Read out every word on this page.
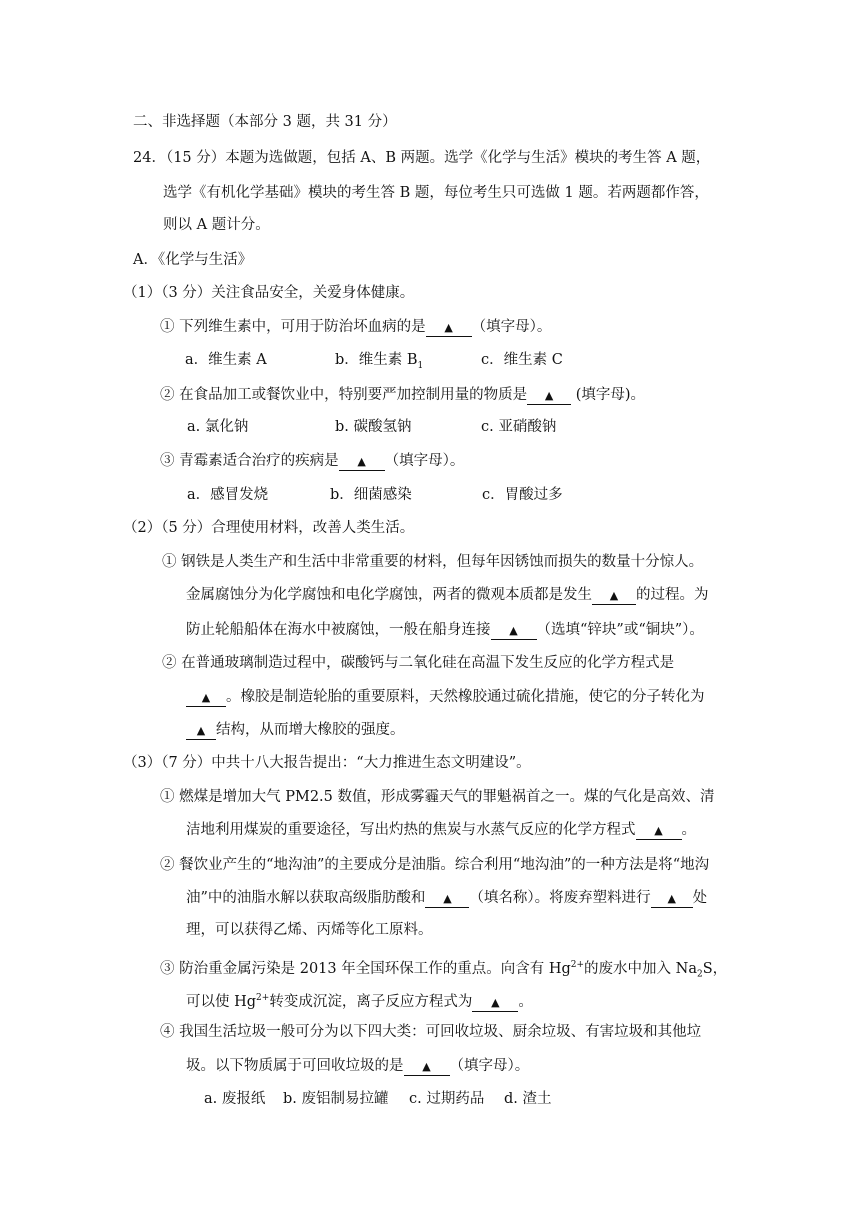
二、非选择题（本部分 3 题，共 31 分）
24．（15 分）本题为选做题，包括 A、B 两题。选学《化学与生活》模块的考生答 A 题，
选学《有机化学基础》模块的考生答 B 题，每位考生只可选做 1 题。若两题都作答，
则以 A 题计分。
A．《化学与生活》
（1）（3 分）关注食品安全，关爱身体健康。
① 下列维生素中，可用于防治坏血病的是 ▲ （填字母）。
a．维生素 A	b．维生素 $B_1$	c．维生素 C
② 在食品加工或餐饮业中，特别要严加控制用量的物质是 ▲ (填字母)。
a. 氯化钠	b. 碳酸氢钠	c. 亚硝酸钠
③ 青霉素适合治疗的疾病是 ▲ （填字母）。
a．感冒发烧	b．细菌感染	c．胃酸过多
（2）（5 分）合理使用材料，改善人类生活。
① 钢铁是人类生产和生活中非常重要的材料，但每年因锈蚀而损失的数量十分惊人。
金属腐蚀分为化学腐蚀和电化学腐蚀，两者的微观本质都是发生 ▲ 的过程。为
防止轮船船体在海水中被腐蚀，一般在船身连接 ▲ （选填“锌块”或“铜块”）。
② 在普通玻璃制造过程中，碳酸钙与二氧化硅在高温下发生反应的化学方程式是
▲ 。橡胶是制造轮胎的重要原料，天然橡胶通过硫化措施，使它的分子转化为
▲ 结构，从而增大橡胶的强度。
（3）（7 分）中共十八大报告提出：“大力推进生态文明建设”。
① 燃煤是增加大气 PM2.5 数值，形成雾霾天气的罪魁祸首之一。煤的气化是高效、清
洁地利用煤炭的重要途径，写出灼热的焦炭与水蒸气反应的化学方程式 ▲ 。
② 餐饮业产生的“地沟油”的主要成分是油脂。综合利用“地沟油”的一种方法是将“地沟
油”中的油脂水解以获取高级脂肪酸和 ▲ （填名称）。将废弃塑料进行 ▲ 处
理，可以获得乙烯、丙烯等化工原料。
③ 防治重金属污染是 2013 年全国环保工作的重点。向含有 $Hg^{2+}$的废水中加入 $Na_2S$，
可以使 $Hg^{2+}$转变成沉淀，离子反应方程式为 ▲ 。
④ 我国生活垃圾一般可分为以下四大类：可回收垃圾、厨余垃圾、有害垃圾和其他垃
圾。以下物质属于可回收垃圾的是 ▲ （填字母）。
a. 废报纸 b. 废铝制易拉罐 c. 过期药品 d. 渣土
